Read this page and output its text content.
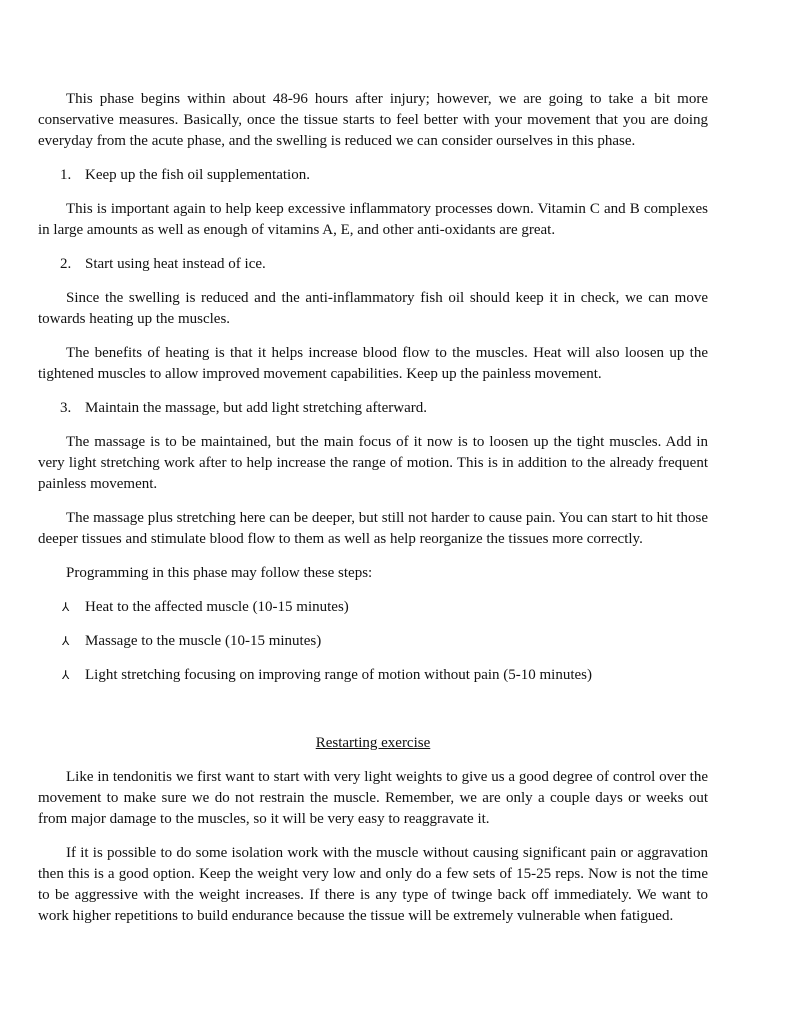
This phase begins within about 48-96 hours after injury; however, we are going to take a bit more conservative measures. Basically, once the tissue starts to feel better with your movement that you are doing everyday from the acute phase, and the swelling is reduced we can consider ourselves in this phase.

1. Keep up the fish oil supplementation.

This is important again to help keep excessive inflammatory processes down. Vitamin C and B complexes in large amounts as well as enough of vitamins A, E, and other anti-oxidants are great.

2. Start using heat instead of ice.

Since the swelling is reduced and the anti-inflammatory fish oil should keep it in check, we can move towards heating up the muscles.

The benefits of heating is that it helps increase blood flow to the muscles. Heat will also loosen up the tightened muscles to allow improved movement capabilities. Keep up the painless movement.

3. Maintain the massage, but add light stretching afterward.

The massage is to be maintained, but the main focus of it now is to loosen up the tight muscles. Add in very light stretching work after to help increase the range of motion. This is in addition to the already frequent painless movement.

The massage plus stretching here can be deeper, but still not harder to cause pain. You can start to hit those deeper tissues and stimulate blood flow to them as well as help reorganize the tissues more correctly.

Programming in this phase may follow these steps:

⅄ Heat to the affected muscle (10-15 minutes)
⅄ Massage to the muscle (10-15 minutes)
⅄ Light stretching focusing on improving range of motion without pain (5-10 minutes)
Restarting exercise

Like in tendonitis we first want to start with very light weights to give us a good degree of control over the movement to make sure we do not restrain the muscle. Remember, we are only a couple days or weeks out from major damage to the muscles, so it will be very easy to reaggravate it.

If it is possible to do some isolation work with the muscle without causing significant pain or aggravation then this is a good option. Keep the weight very low and only do a few sets of 15-25 reps. Now is not the time to be aggressive with the weight increases. If there is any type of twinge back off immediately. We want to work higher repetitions to build endurance because the tissue will be extremely vulnerable when fatigued.
